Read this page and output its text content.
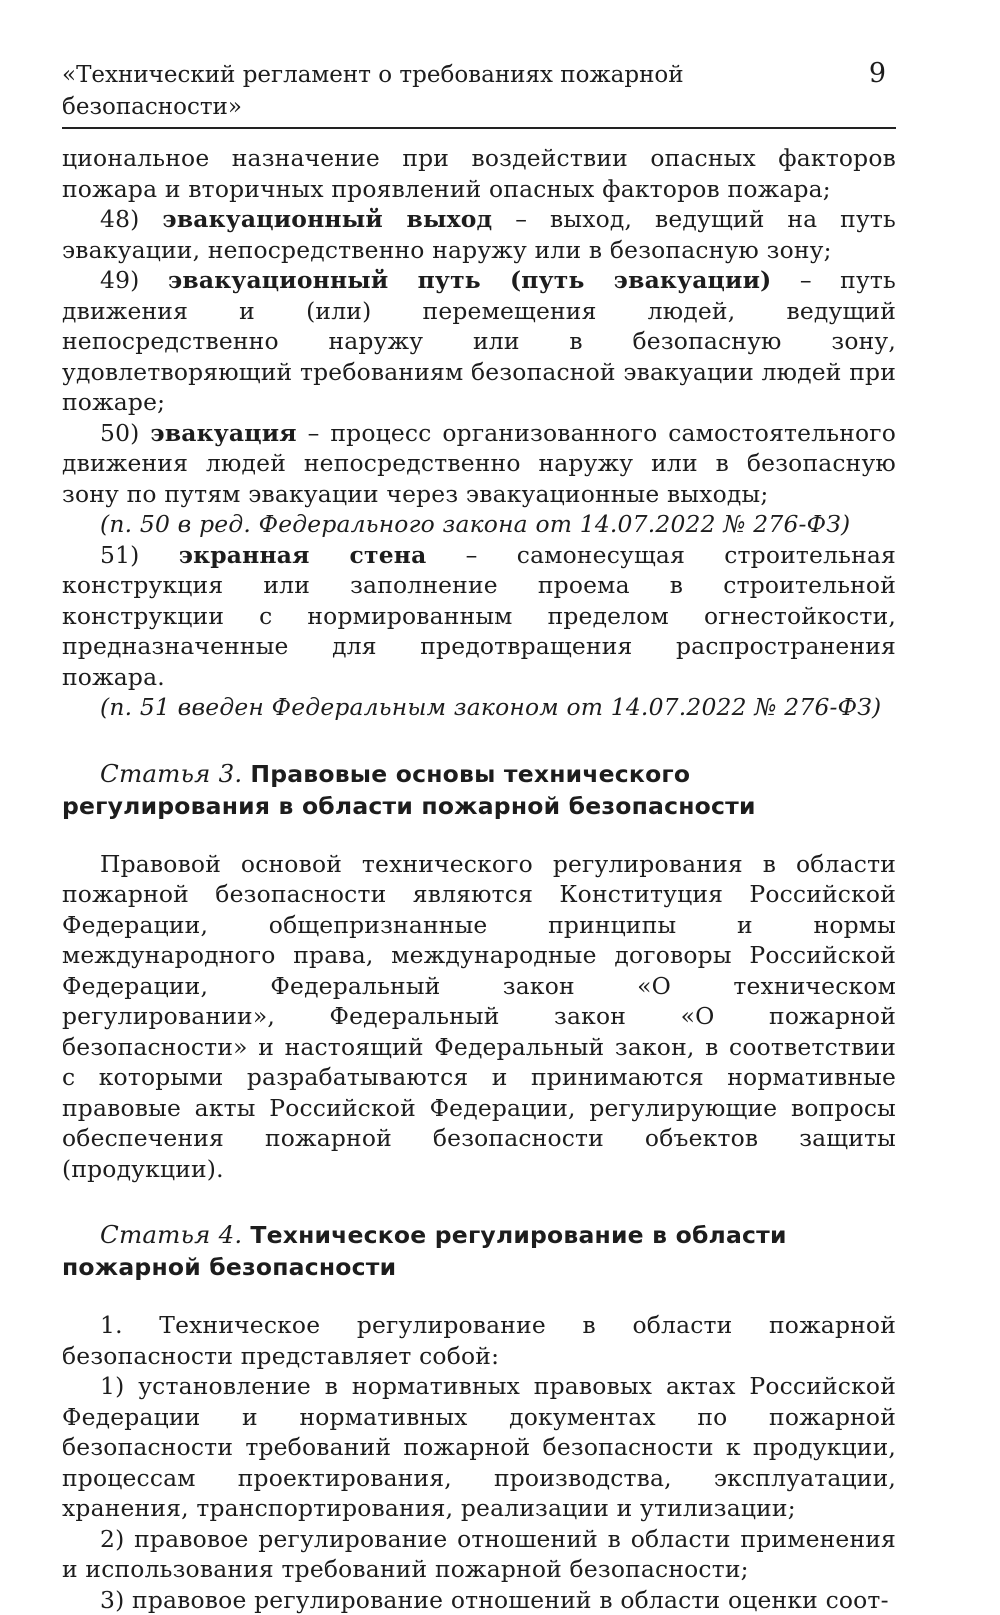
«Технический регламент о требованиях пожарной безопасности»
9

циональное назначение при воздействии опасных факторов пожара и вторичных проявлений опасных факторов пожара;

48) эвакуационный выход – выход, ведущий на путь эвакуации, непосредственно наружу или в безопасную зону;

49) эвакуационный путь (путь эвакуации) – путь движения и (или) перемещения людей, ведущий непосредственно наружу или в безопасную зону, удовлетворяющий требованиям безопасной эвакуации людей при пожаре;

50) эвакуация – процесс организованного самостоятельного движения людей непосредственно наружу или в безопасную зону по путям эвакуации через эвакуационные выходы;

(п. 50 в ред. Федерального закона от 14.07.2022 № 276-ФЗ)

51) экранная стена – самонесущая строительная конструкция или заполнение проема в строительной конструкции с нормированным пределом огнестойкости, предназначенные для предотвращения распространения пожара.

(п. 51 введен Федеральным законом от 14.07.2022 № 276-ФЗ)

Статья 3. Правовые основы технического регулирования в области пожарной безопасности

Правовой основой технического регулирования в области пожарной безопасности являются Конституция Российской Федерации, общепризнанные принципы и нормы международного права, международные договоры Российской Федерации, Федеральный закон «О техническом регулировании», Федеральный закон «О пожарной безопасности» и настоящий Федеральный закон, в соответствии с которыми разрабатываются и принимаются нормативные правовые акты Российской Федерации, регулирующие вопросы обеспечения пожарной безопасности объектов защиты (продукции).

Статья 4. Техническое регулирование в области пожарной безопасности

1. Техническое регулирование в области пожарной безопасности представляет собой:

1) установление в нормативных правовых актах Российской Федерации и нормативных документах по пожарной безопасности требований пожарной безопасности к продукции, процессам проектирования, производства, эксплуатации, хранения, транспортирования, реализации и утилизации;

2) правовое регулирование отношений в области применения и использования требований пожарной безопасности;

3) правовое регулирование отношений в области оценки соот-
